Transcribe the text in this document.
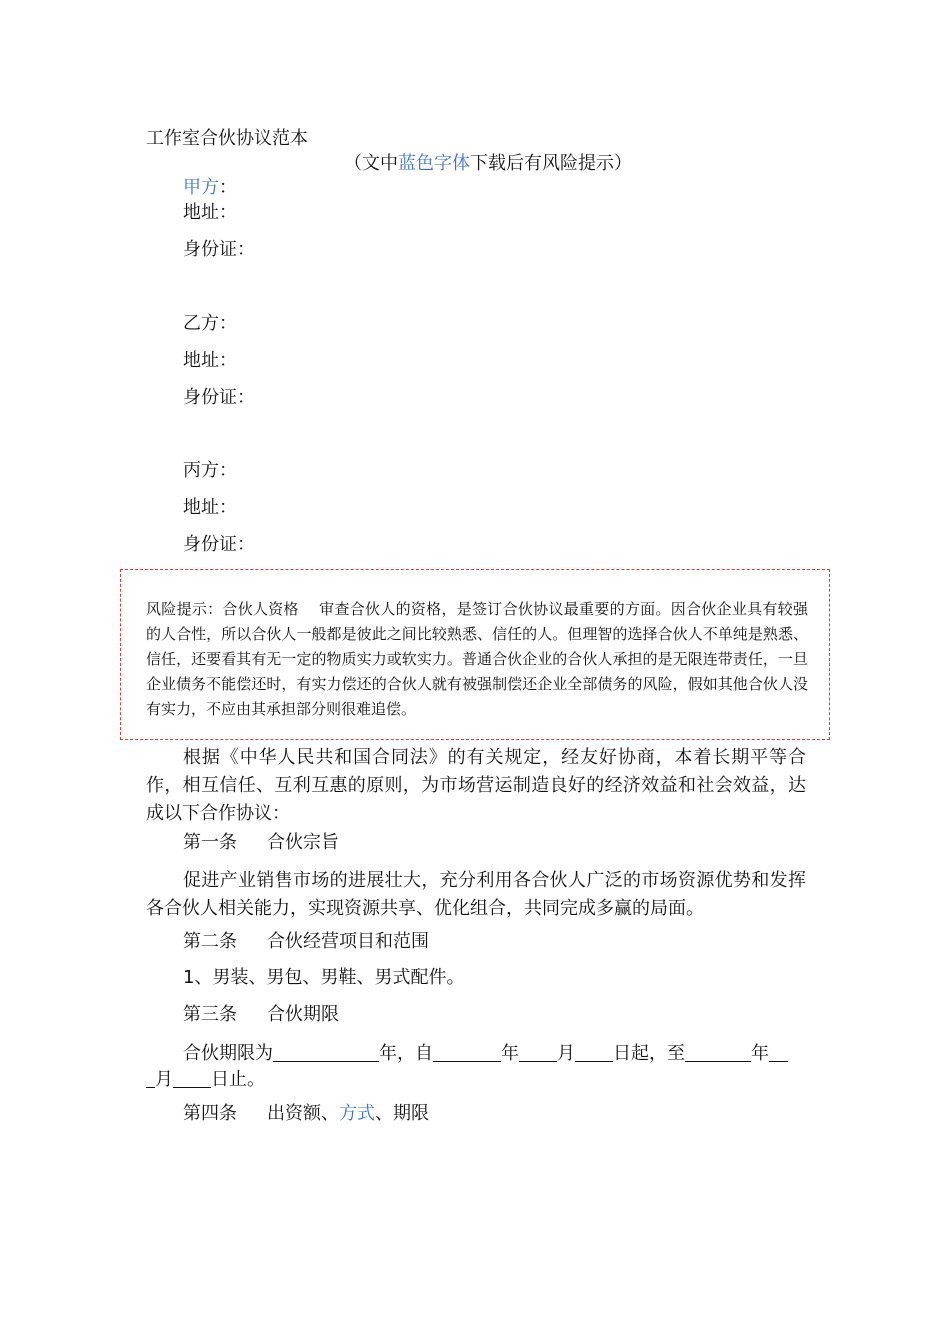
工作室合伙协议范本
（文中蓝色字体下载后有风险提示）
甲方：
地址：
身份证：
乙方：
地址：
身份证：
丙方：
地址：
身份证：
风险提示：合伙人资格　 审查合伙人的资格，是签订合伙协议最重要的方面。因合伙企业具有较强的人合性，所以合伙人一般都是彼此之间比较熟悉、信任的人。但理智的选择合伙人不单纯是熟悉、信任，还要看其有无一定的物质实力或软实力。普通合伙企业的合伙人承担的是无限连带责任，一旦企业债务不能偿还时，有实力偿还的合伙人就有被强制偿还企业全部债务的风险，假如其他合伙人没有实力，不应由其承担部分则很难追偿。
根据《中华人民共和国合同法》的有关规定，经友好协商，本着长期平等合作，相互信任、互利互惠的原则，为市场营运制造良好的经济效益和社会效益，达成以下合作协议：
第一条 合伙宗旨
促进产业销售市场的进展壮大，充分利用各合伙人广泛的市场资源优势和发挥各合伙人相关能力，实现资源共享、优化组合，共同完成多赢的局面。
第二条 合伙经营项目和范围
1、男装、男包、男鞋、男式配件。
第三条 合伙期限
合伙期限为	年，自	年 月 日起，至	年
月 日止。
第四条 出资额、方式、期限
